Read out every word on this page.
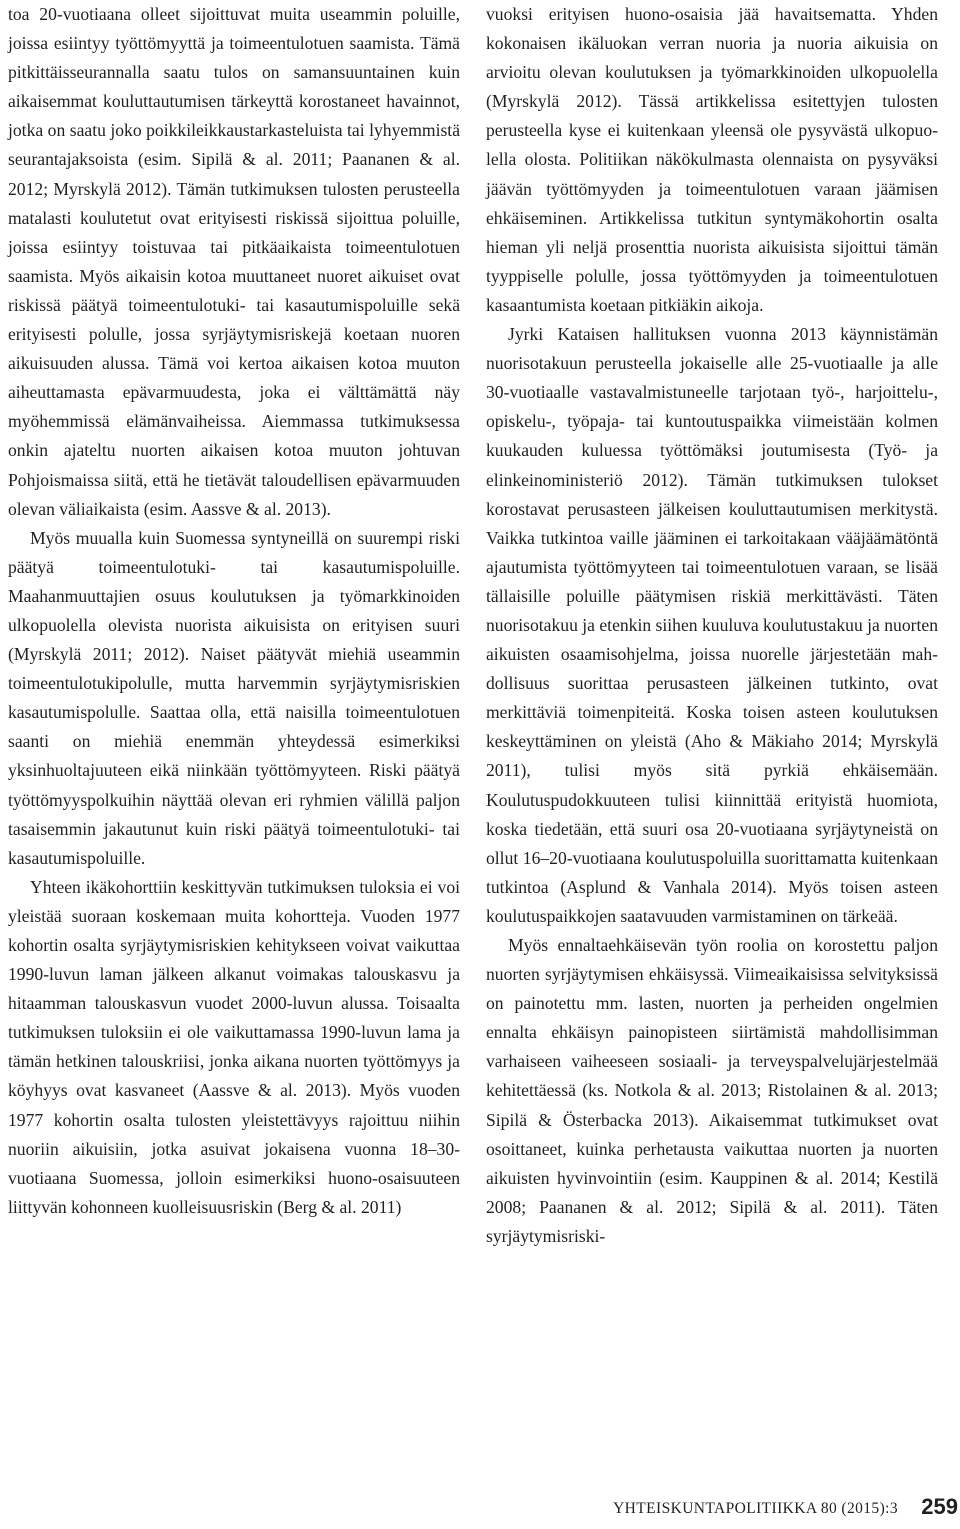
toa 20-vuotiaana olleet sijoittuvat muita useammin poluille, joissa esiintyy työttömyyttä ja toimeentulotuen saamista. Tämä pitkittäisseurannalla saatu tulos on samansuuntainen kuin aikaisemmat kouluttautumisen tärkeyttä korostaneet havainnot, jotka on saatu joko poikkileikkaustarkasteluista tai lyhyemmistä seurantajaksoista (esim. Sipilä & al. 2011; Paananen & al. 2012; Myrskylä 2012). Tämän tutkimuksen tulosten perusteella matalasti koulutetut ovat erityisesti riskissä sijoittua poluille, joissa esiintyy toistuvaa tai pitkäaikaista toimeentulotuen saamista. Myös aikaisin kotoa muuttaneet nuoret aikuiset ovat riskissä päätyä toimeentulotuki- tai kasautumispoluille sekä erityisesti polulle, jossa syrjäytymisriskejä koetaan nuoren aikuisuuden alussa. Tämä voi kertoa aikaisen kotoa muuton aiheuttamasta epävarmuudesta, joka ei välttämättä näy myöhemmissä elämänvaiheissa. Aiemmassa tutkimuksessa onkin ajateltu nuorten aikaisen kotoa muuton johtuvan Pohjoismaissa siitä, että he tietävät taloudellisen epävarmuuden olevan väliaikaista (esim. Aassve & al. 2013).

Myös muualla kuin Suomessa syntyneillä on suurempi riski päätyä toimeentulotuki- tai kasautumispoluille. Maahanmuuttajien osuus koulutuksen ja työmarkkinoiden ulkopuolella olevista nuorista aikuisista on erityisen suuri (Myrskylä 2011; 2012). Naiset päätyvät miehiä useammin toimeentulotukipolulle, mutta harvemmin syrjäytymisriskien kasautumispolulle. Saattaa olla, että naisilla toimeentulotuen saanti on miehiä enemmän yhteydessä esimerkiksi yksinhuoltajuuteen eikä niinkään työttömyyteen. Riski päätyä työttömyyspolkuihin näyttää olevan eri ryhmien välillä paljon tasaisemmin jakautunut kuin riski päätyä toimeentulotuki- tai kasautumispoluille.

Yhteen ikäkohorttiin keskittyvän tutkimuksen tuloksia ei voi yleistää suoraan koskemaan muita kohortteja. Vuoden 1977 kohortin osalta syrjäytymisriskien kehitykseen voivat vaikuttaa 1990-luvun laman jälkeen alkanut voimakas talouskasvu ja hitaamman talouskasvun vuodet 2000-luvun alussa. Toisaalta tutkimuksen tuloksiin ei ole vaikuttamassa 1990-luvun lama ja tämän hetkinen talouskriisi, jonka aikana nuorten työttömyys ja köyhyys ovat kasvaneet (Aassve & al. 2013). Myös vuoden 1977 kohortin osalta tulosten yleistettävyys rajoittuu niihin nuoriin aikuisiin, jotka asuivat jokaisena vuonna 18–30-vuotiaana Suomessa, jolloin esimerkiksi huono-osaisuuteen liittyvän kohonneen kuolleisuusriskin (Berg & al. 2011)

vuoksi erityisen huono-osaisia jää havaitsematta. Yhden kokonaisen ikäluokan verran nuoria ja nuoria aikuisia on arvioitu olevan koulutuksen ja työmarkkinoiden ulkopuolella (Myrskylä 2012). Tässä artikkelissa esitettyjen tulosten perusteella kyse ei kuitenkaan yleensä ole pysyvästä ulkopuolella olosta. Politiikan näkökulmasta olennaista on pysyväksi jäävän työttömyyden ja toimeentulotuen varaan jäämisen ehkäiseminen. Artikkelissa tutkitun syntymäkohortin osalta hieman yli neljä prosenttia nuorista aikuisista sijoittui tämän tyyppiselle polulle, jossa työttömyyden ja toimeentulotuen kasaantumista koetaan pitkiäkin aikoja.

Jyrki Kataisen hallituksen vuonna 2013 käynnistämän nuorisotakuun perusteella jokaiselle alle 25-vuotiaalle ja alle 30-vuotiaalle vastavalmistuneelle tarjotaan työ-, harjoittelu-, opiskelu-, työpaja- tai kuntoutuspaikka viimeistään kolmen kuukauden kuluessa työttömäksi joutumisesta (Työ- ja elinkeinoministeriö 2012). Tämän tutkimuksen tulokset korostavat perusasteen jälkeisen kouluttautumisen merkitystä. Vaikka tutkintoa vaille jääminen ei tarkoitakaan vääjäämätöntä ajautumista työttömyyteen tai toimeentulotuen varaan, se lisää tällaisille poluille päätymisen riskiä merkittävästi. Täten nuorisotakuu ja etenkin siihen kuuluva koulutustakuu ja nuorten aikuisten osaamisohjelma, joissa nuorelle järjestetään mahdollisuus suorittaa perusasteen jälkeinen tutkinto, ovat merkittäviä toimenpiteitä. Koska toisen asteen koulutuksen keskeyttäminen on yleistä (Aho & Mäkiaho 2014; Myrskylä 2011), tulisi myös sitä pyrkiä ehkäisemään. Koulutuspudokkuuteen tulisi kiinnittää erityistä huomiota, koska tiedetään, että suuri osa 20-vuotiaana syrjäytyneistä on ollut 16–20-vuotiaana koulutuspoluilla suorittamatta kuitenkaan tutkintoa (Asplund & Vanhala 2014). Myös toisen asteen koulutuspaikkojen saatavuuden varmistaminen on tärkeää.

Myös ennaltaehkäisevän työn roolia on korostettu paljon nuorten syrjäytymisen ehkäisyssä. Viimeaikaisissa selvityksissä on painotettu mm. lasten, nuorten ja perheiden ongelmien ennalta ehkäisyn painopisteen siirtämistä mahdollisimman varhaiseen vaiheeseen sosiaali- ja terveyspalvelujärjestelmää kehitettäessä (ks. Notkola & al. 2013; Ristolainen & al. 2013; Sipilä & Österbacka 2013). Aikaisemmat tutkimukset ovat osoittaneet, kuinka perhetausta vaikuttaa nuorten ja nuorten aikuisten hyvinvointiin (esim. Kauppinen & al. 2014; Kestilä 2008; Paananen & al. 2012; Sipilä & al. 2011). Täten syrjäytymisriski-

YHTEISKUNTAPOLITIIKKA 80 (2015):3 259
